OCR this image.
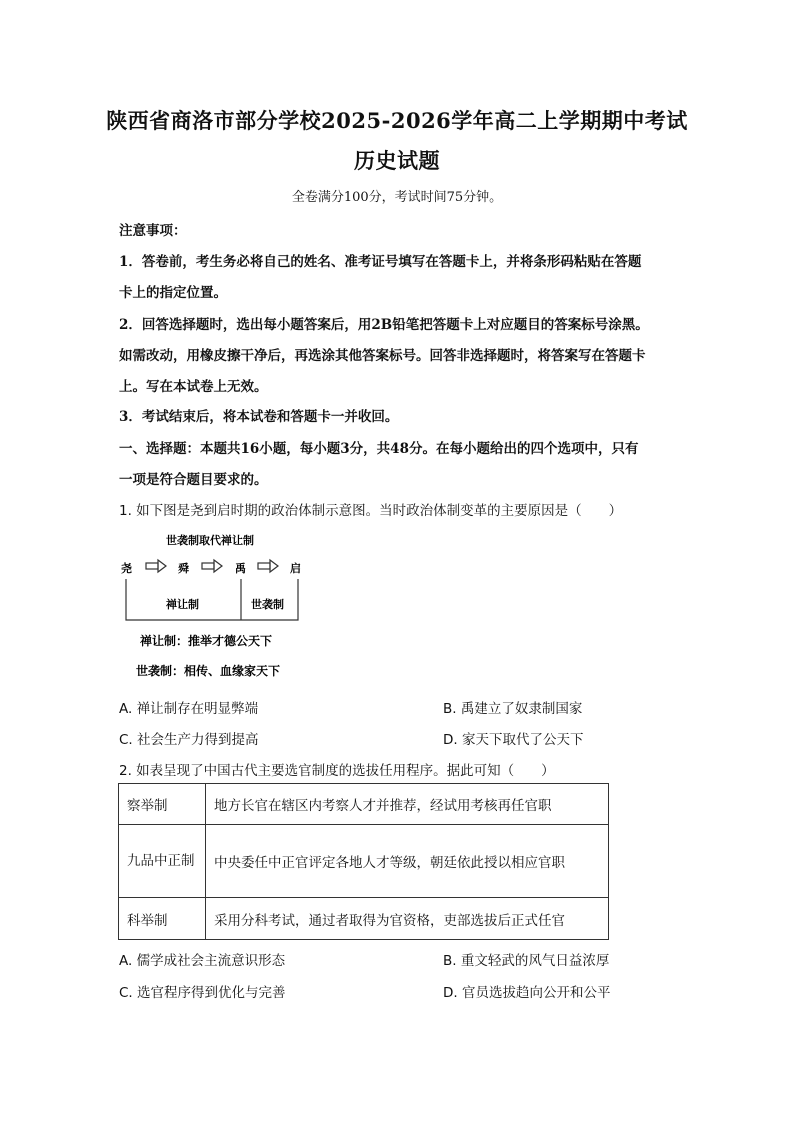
陕西省商洛市部分学校2025-2026学年高二上学期期中考试
历史试题
全卷满分100分，考试时间75分钟。
注意事项：
1．答卷前，考生务必将自己的姓名、准考证号填写在答题卡上，并将条形码粘贴在答题
卡上的指定位置。
2．回答选择题时，选出每小题答案后，用2B铅笔把答题卡上对应题目的答案标号涂黑。
如需改动，用橡皮擦干净后，再选涂其他答案标号。回答非选择题时，将答案写在答题卡
上。写在本试卷上无效。
3．考试结束后，将本试卷和答题卡一并收回。
一、选择题：本题共16小题，每小题3分，共48分。在每小题给出的四个选项中，只有
一项是符合题目要求的。
1. 如下图是尧到启时期的政治体制示意图。当时政治体制变革的主要原因是（　　）
世袭制取代禅让制
尧	舜	禹	启
禅让制	世袭制
禅让制：推举才德公天下
世袭制：相传、血缘家天下
A. 禅让制存在明显弊端	B. 禹建立了奴隶制国家
C. 社会生产力得到提高	D. 家天下取代了公天下
2. 如表呈现了中国古代主要选官制度的选拔任用程序。据此可知（　　）
察举制	地方长官在辖区内考察人才并推荐，经试用考核再任官职
九品中正制	中央委任中正官评定各地人才等级，朝廷依此授以相应官职
科举制	采用分科考试，通过者取得为官资格，吏部选拔后正式任官
A. 儒学成社会主流意识形态	B. 重文轻武的风气日益浓厚
C. 选官程序得到优化与完善	D. 官员选拔趋向公开和公平
